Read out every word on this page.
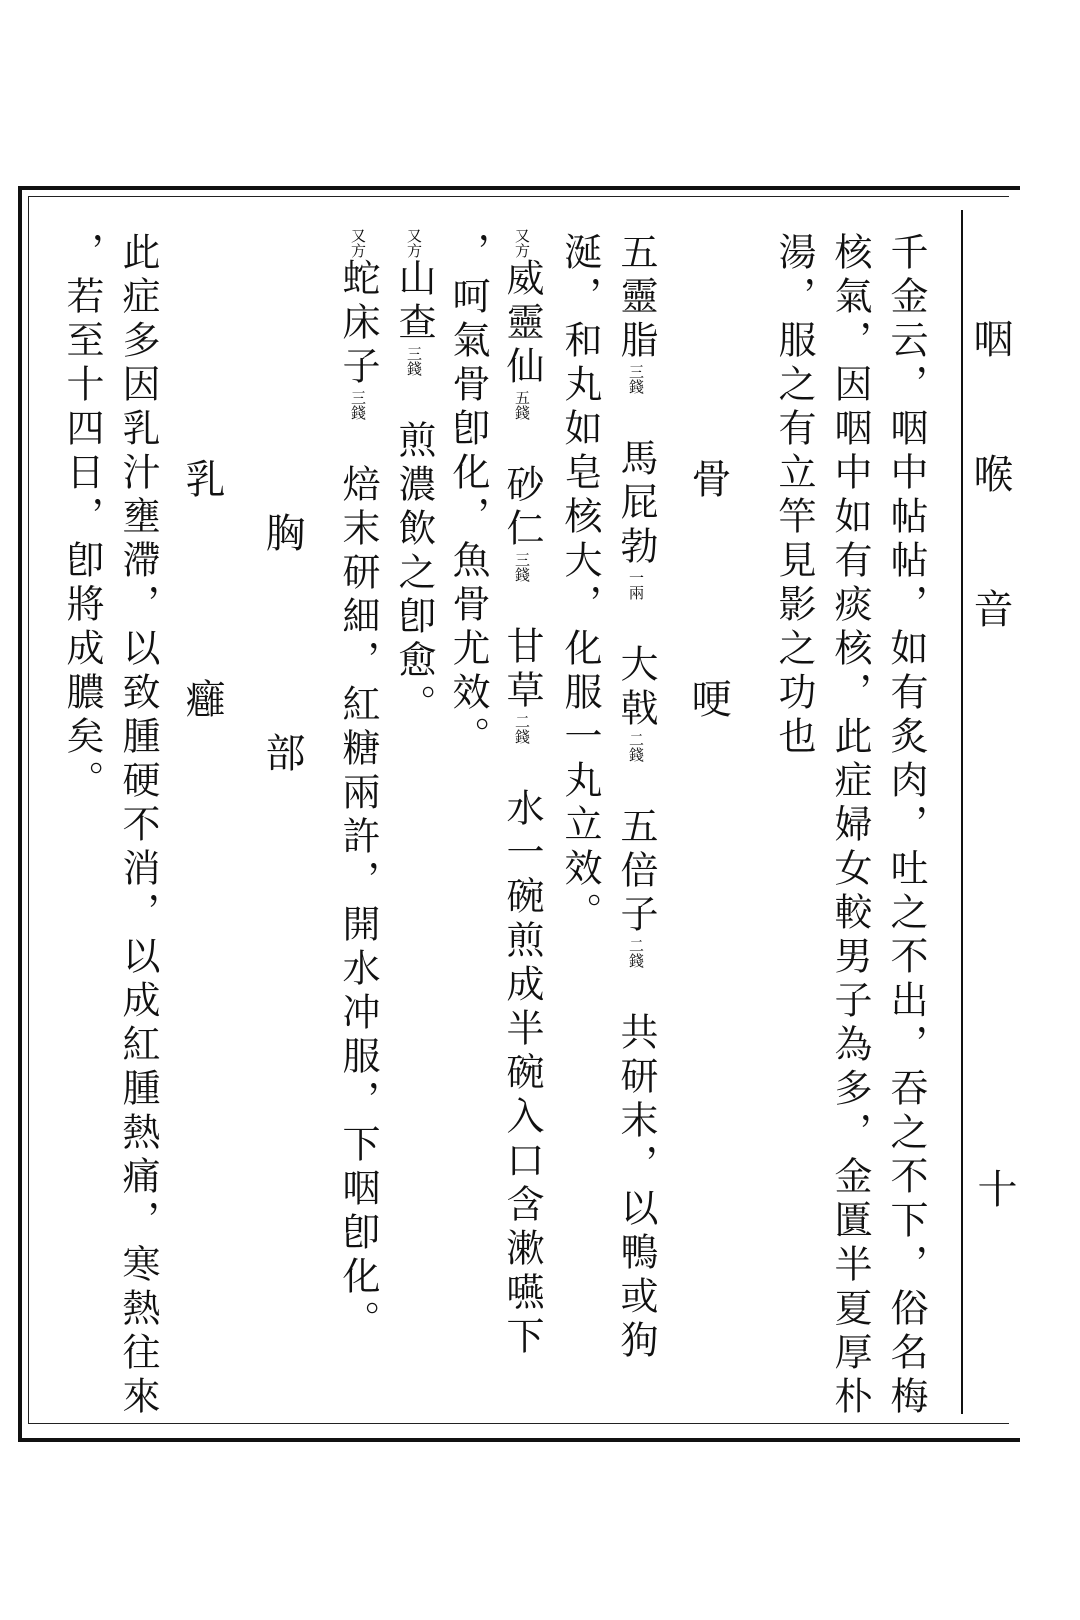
咽喉音
十
千金云，咽中帖帖，如有炙肉，吐之不出，吞之不下，俗名梅
核氣，因咽中如有痰核，此症婦女較男子為多，金匱半夏厚朴
湯，服之有立竿見影之功也
骨哽
五靈脂三錢　馬屁勃一兩　大戟二錢　五倍子二錢　共研末，以鴨或狗
涎，和丸如皂核大，化服一丸立效。
又方威靈仙五錢　砂仁三錢　甘草二錢　水一碗煎成半碗入口含漱嚥下
，呵氣骨卽化，魚骨尤效。
又方山查三錢　煎濃飲之卽愈。
又方蛇床子三錢　焙末研細，紅糖兩許，開水冲服，下咽卽化。
胸部
乳癰
此症多因乳汁壅滯，以致腫硬不消，以成紅腫熱痛，寒熱往來
，若至十四日，卽將成膿矣。
